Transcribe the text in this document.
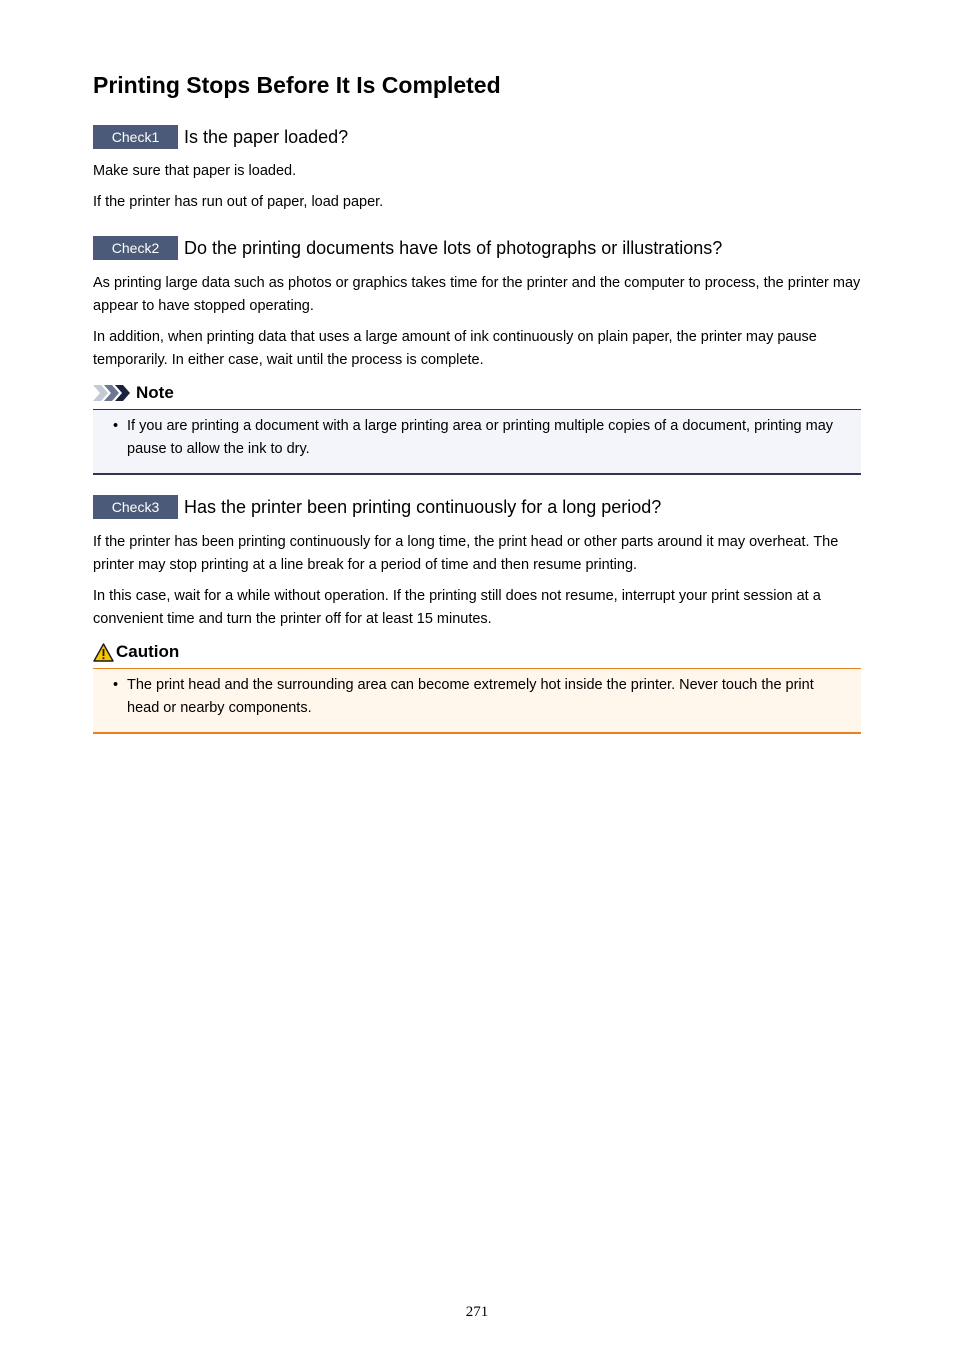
Printing Stops Before It Is Completed
Check1	Is the paper loaded?

Make sure that paper is loaded.

If the printer has run out of paper, load paper.

Check2	Do the printing documents have lots of photographs or illustrations?

As printing large data such as photos or graphics takes time for the printer and the computer to process, the printer may appear to have stopped operating.

In addition, when printing data that uses a large amount of ink continuously on plain paper, the printer may pause temporarily. In either case, wait until the process is complete.

Note
• If you are printing a document with a large printing area or printing multiple copies of a document, printing may pause to allow the ink to dry.
Check3	Has the printer been printing continuously for a long period?

If the printer has been printing continuously for a long time, the print head or other parts around it may overheat. The printer may stop printing at a line break for a period of time and then resume printing.

In this case, wait for a while without operation. If the printing still does not resume, interrupt your print session at a convenient time and turn the printer off for at least 15 minutes.

Caution
• The print head and the surrounding area can become extremely hot inside the printer. Never touch the print head or nearby components.
271
